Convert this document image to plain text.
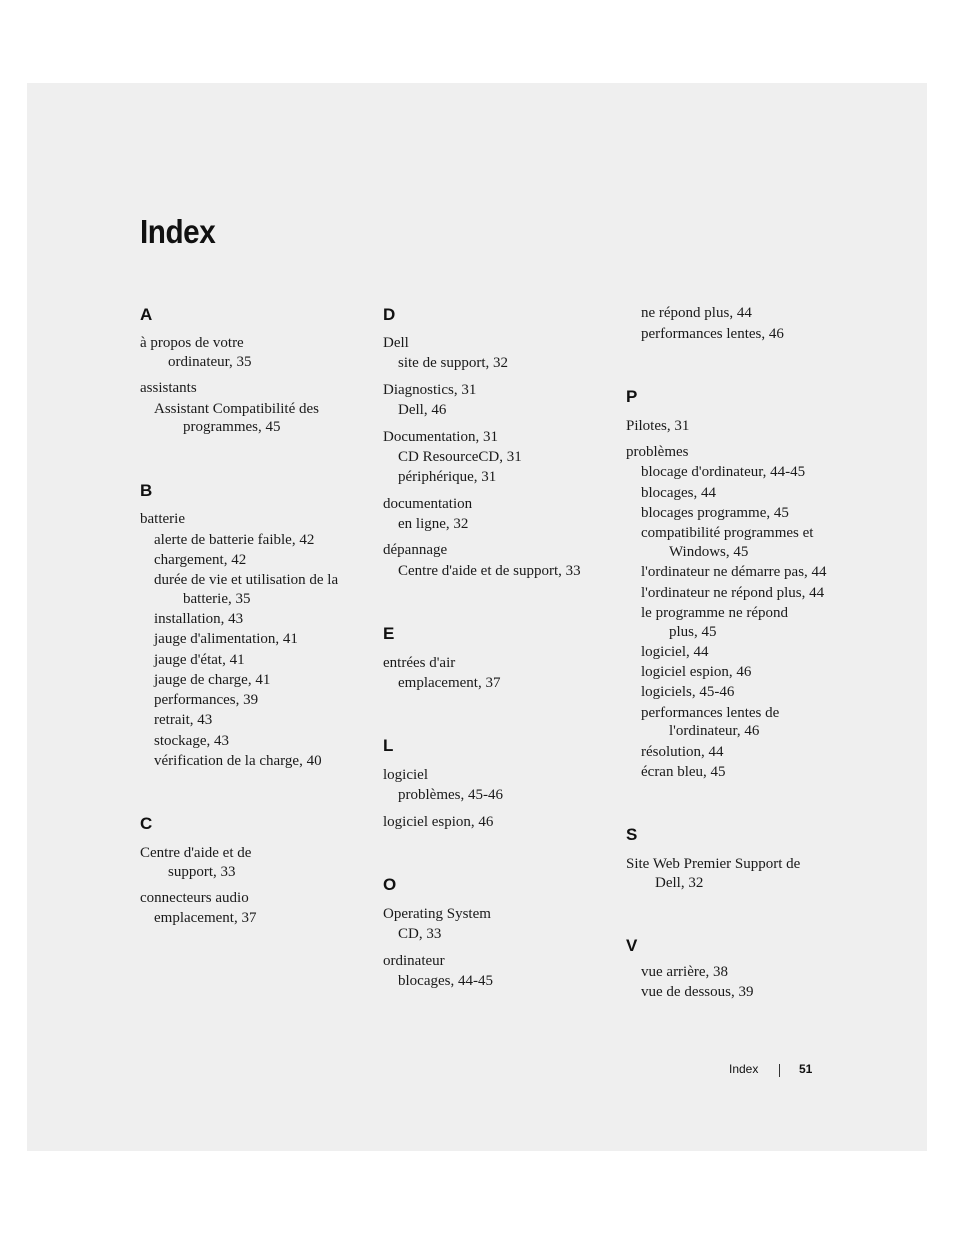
Index
A
à propos de votre
ordinateur, 35
assistants
Assistant Compatibilité des
programmes, 45
B
batterie
alerte de batterie faible, 42
chargement, 42
durée de vie et utilisation de la
batterie, 35
installation, 43
jauge d'alimentation, 41
jauge d'état, 41
jauge de charge, 41
performances, 39
retrait, 43
stockage, 43
vérification de la charge, 40
C
Centre d'aide et de
support, 33
connecteurs audio
emplacement, 37
D
Dell
site de support, 32
Diagnostics, 31
Dell, 46
Documentation, 31
CD ResourceCD, 31
périphérique, 31
documentation
en ligne, 32
dépannage
Centre d'aide et de support, 33
E
entrées d'air
emplacement, 37
L
logiciel
problèmes, 45-46
logiciel espion, 46
O
Operating System
CD, 33
ordinateur
blocages, 44-45
ne répond plus, 44
performances lentes, 46
P
Pilotes, 31
problèmes
blocage d'ordinateur, 44-45
blocages, 44
blocages programme, 45
compatibilité programmes et
Windows, 45
l'ordinateur ne démarre pas, 44
l'ordinateur ne répond plus, 44
le programme ne répond
plus, 45
logiciel, 44
logiciel espion, 46
logiciels, 45-46
performances lentes de
l'ordinateur, 46
résolution, 44
écran bleu, 45
S
Site Web Premier Support de
Dell, 32
V
vue arrière, 38
vue de dessous, 39
Index	51
